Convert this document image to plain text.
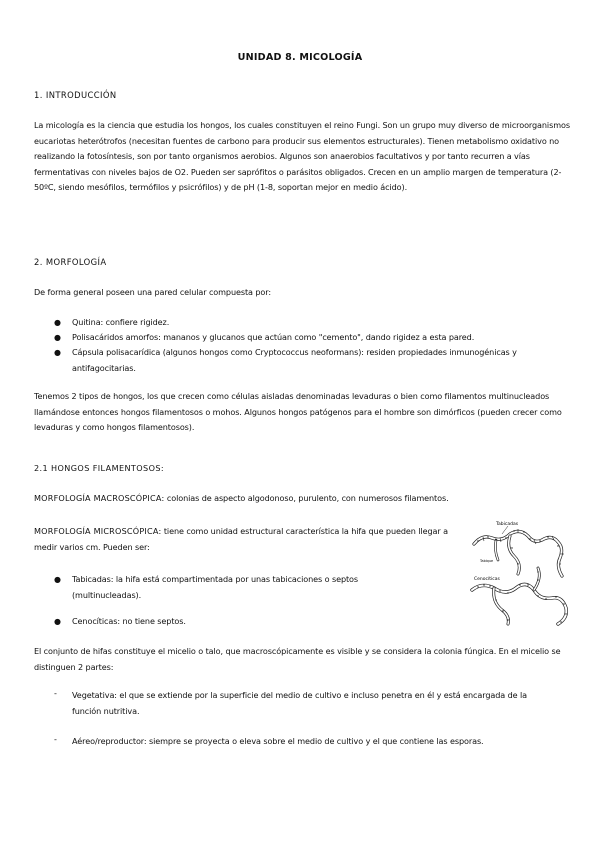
UNIDAD 8. MICOLOGÍA
1. INTRODUCCIÓN
La micología es la ciencia que estudia los hongos, los cuales constituyen el reino Fungi. Son un grupo muy diverso de microorganismos eucariotas heterótrofos (necesitan fuentes de carbono para producir sus elementos estructurales). Tienen metabolismo oxidativo no realizando la fotosíntesis, son por tanto organismos aerobios. Algunos son anaerobios facultativos y por tanto recurren a vías fermentativas con niveles bajos de O2. Pueden ser saprófitos o parásitos obligados. Crecen en un amplio margen de temperatura (2-50ºC, siendo mesófilos, termófilos y psicrófilos) y de pH (1-8, soportan mejor en medio ácido).
2. MORFOLOGÍA
De forma general poseen una pared celular compuesta por:
● Quitina: confiere rigidez.
● Polisacáridos amorfos: mananos y glucanos que actúan como "cemento", dando rigidez a esta pared.
● Cápsula polisacarídica (algunos hongos como Cryptococcus neoformans): residen propiedades inmunogénicas y antifagocitarias.
Tenemos 2 tipos de hongos, los que crecen como células aisladas denominadas levaduras o bien como filamentos multinucleados llamándose entonces hongos filamentosos o mohos. Algunos hongos patógenos para el hombre son dimórficos (pueden crecer como levaduras y como hongos filamentosos).
2.1 HONGOS FILAMENTOSOS:
MORFOLOGÍA MACROSCÓPICA: colonias de aspecto algodonoso, purulento, con numerosos filamentos.
MORFOLOGÍA MICROSCÓPICA: tiene como unidad estructural característica la hifa que pueden llegar a medir varios cm. Pueden ser:
● Tabicadas: la hifa está compartimentada por unas tabicaciones o septos (multinucleadas).
● Cenocíticas: no tiene septos.
El conjunto de hifas constituye el micelio o talo, que macroscópicamente es visible y se considera la colonia fúngica. En el micelio se distinguen 2 partes:
- Vegetativa: el que se extiende por la superficie del medio de cultivo e incluso penetra en él y está encargada de la función nutritiva.
- Aéreo/reproductor: siempre se proyecta o eleva sobre el medio de cultivo y el que contiene las esporas.
Tabicadas
Cenocíticas
Tabique
